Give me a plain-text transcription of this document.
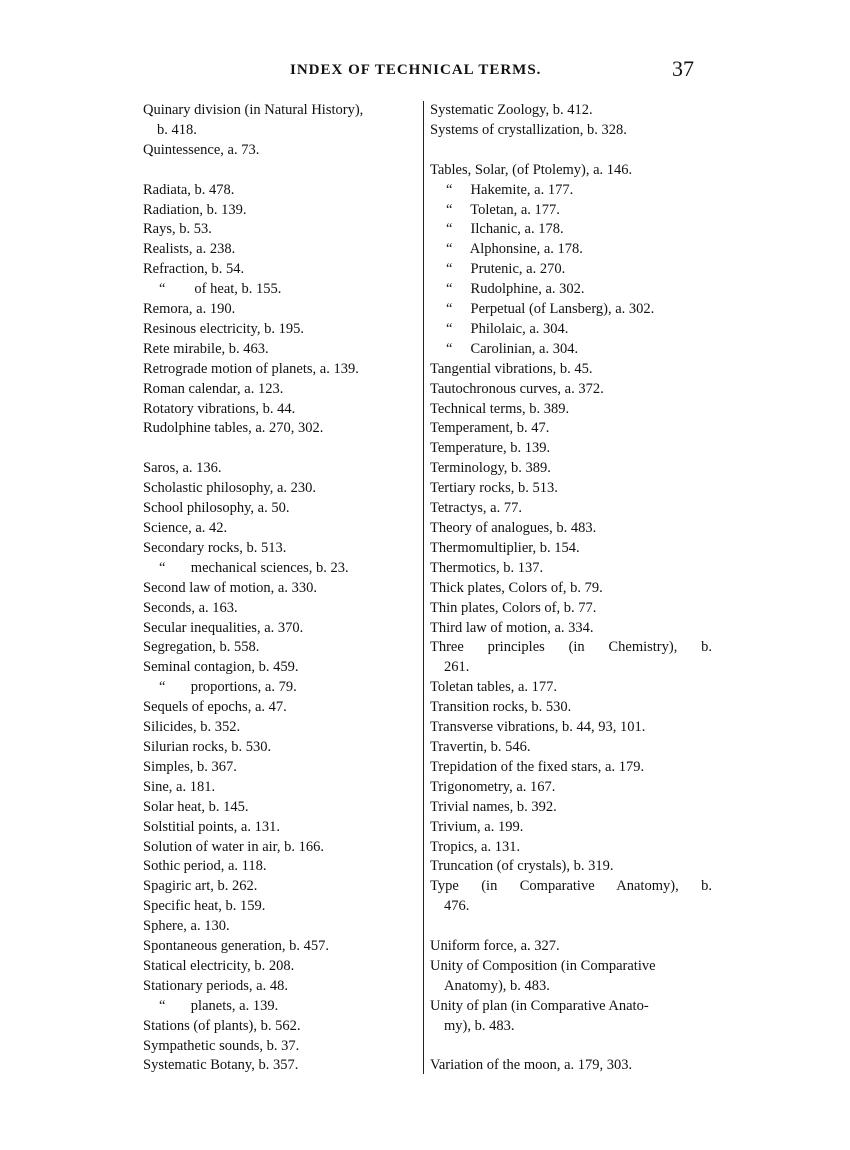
INDEX OF TECHNICAL TERMS.	37
Quinary division (in Natural History),
b. 418.
Quintessence, a. 73.
Radiata, b. 478.
Radiation, b. 139.
Rays, b. 53.
Realists, a. 238.
Refraction, b. 54.
“        of heat, b. 155.
Remora, a. 190.
Resinous electricity, b. 195.
Rete mirabile, b. 463.
Retrograde motion of planets, a. 139.
Roman calendar, a. 123.
Rotatory vibrations, b. 44.
Rudolphine tables, a. 270, 302.
Saros, a. 136.
Scholastic philosophy, a. 230.
School philosophy, a. 50.
Science, a. 42.
Secondary rocks, b. 513.
“       mechanical sciences, b. 23.
Second law of motion, a. 330.
Seconds, a. 163.
Secular inequalities, a. 370.
Segregation, b. 558.
Seminal contagion, b. 459.
“       proportions, a. 79.
Sequels of epochs, a. 47.
Silicides, b. 352.
Silurian rocks, b. 530.
Simples, b. 367.
Sine, a. 181.
Solar heat, b. 145.
Solstitial points, a. 131.
Solution of water in air, b. 166.
Sothic period, a. 118.
Spagiric art, b. 262.
Specific heat, b. 159.
Sphere, a. 130.
Spontaneous generation, b. 457.
Statical electricity, b. 208.
Stationary periods, a. 48.
“       planets, a. 139.
Stations (of plants), b. 562.
Sympathetic sounds, b. 37.
Systematic Botany, b. 357.
Systematic Zoology, b. 412.
Systems of crystallization, b. 328.
Tables, Solar, (of Ptolemy), a. 146.
“     Hakemite, a. 177.
“     Toletan, a. 177.
“     Ilchanic, a. 178.
“     Alphonsine, a. 178.
“     Prutenic, a. 270.
“     Rudolphine, a. 302.
“     Perpetual (of Lansberg), a. 302.
“     Philolaic, a. 304.
“     Carolinian, a. 304.
Tangential vibrations, b. 45.
Tautochronous curves, a. 372.
Technical terms, b. 389.
Temperament, b. 47.
Temperature, b. 139.
Terminology, b. 389.
Tertiary rocks, b. 513.
Tetractys, a. 77.
Theory of analogues, b. 483.
Thermomultiplier, b. 154.
Thermotics, b. 137.
Thick plates, Colors of, b. 79.
Thin plates, Colors of, b. 77.
Third law of motion, a. 334.
Three principles (in Chemistry), b.
261.
Toletan tables, a. 177.
Transition rocks, b. 530.
Transverse vibrations, b. 44, 93, 101.
Travertin, b. 546.
Trepidation of the fixed stars, a. 179.
Trigonometry, a. 167.
Trivial names, b. 392.
Trivium, a. 199.
Tropics, a. 131.
Truncation (of crystals), b. 319.
Type (in Comparative Anatomy), b.
476.
Uniform force, a. 327.
Unity of Composition (in Comparative
Anatomy), b. 483.
Unity of plan (in Comparative Anato-
my), b. 483.
Variation of the moon, a. 179, 303.
